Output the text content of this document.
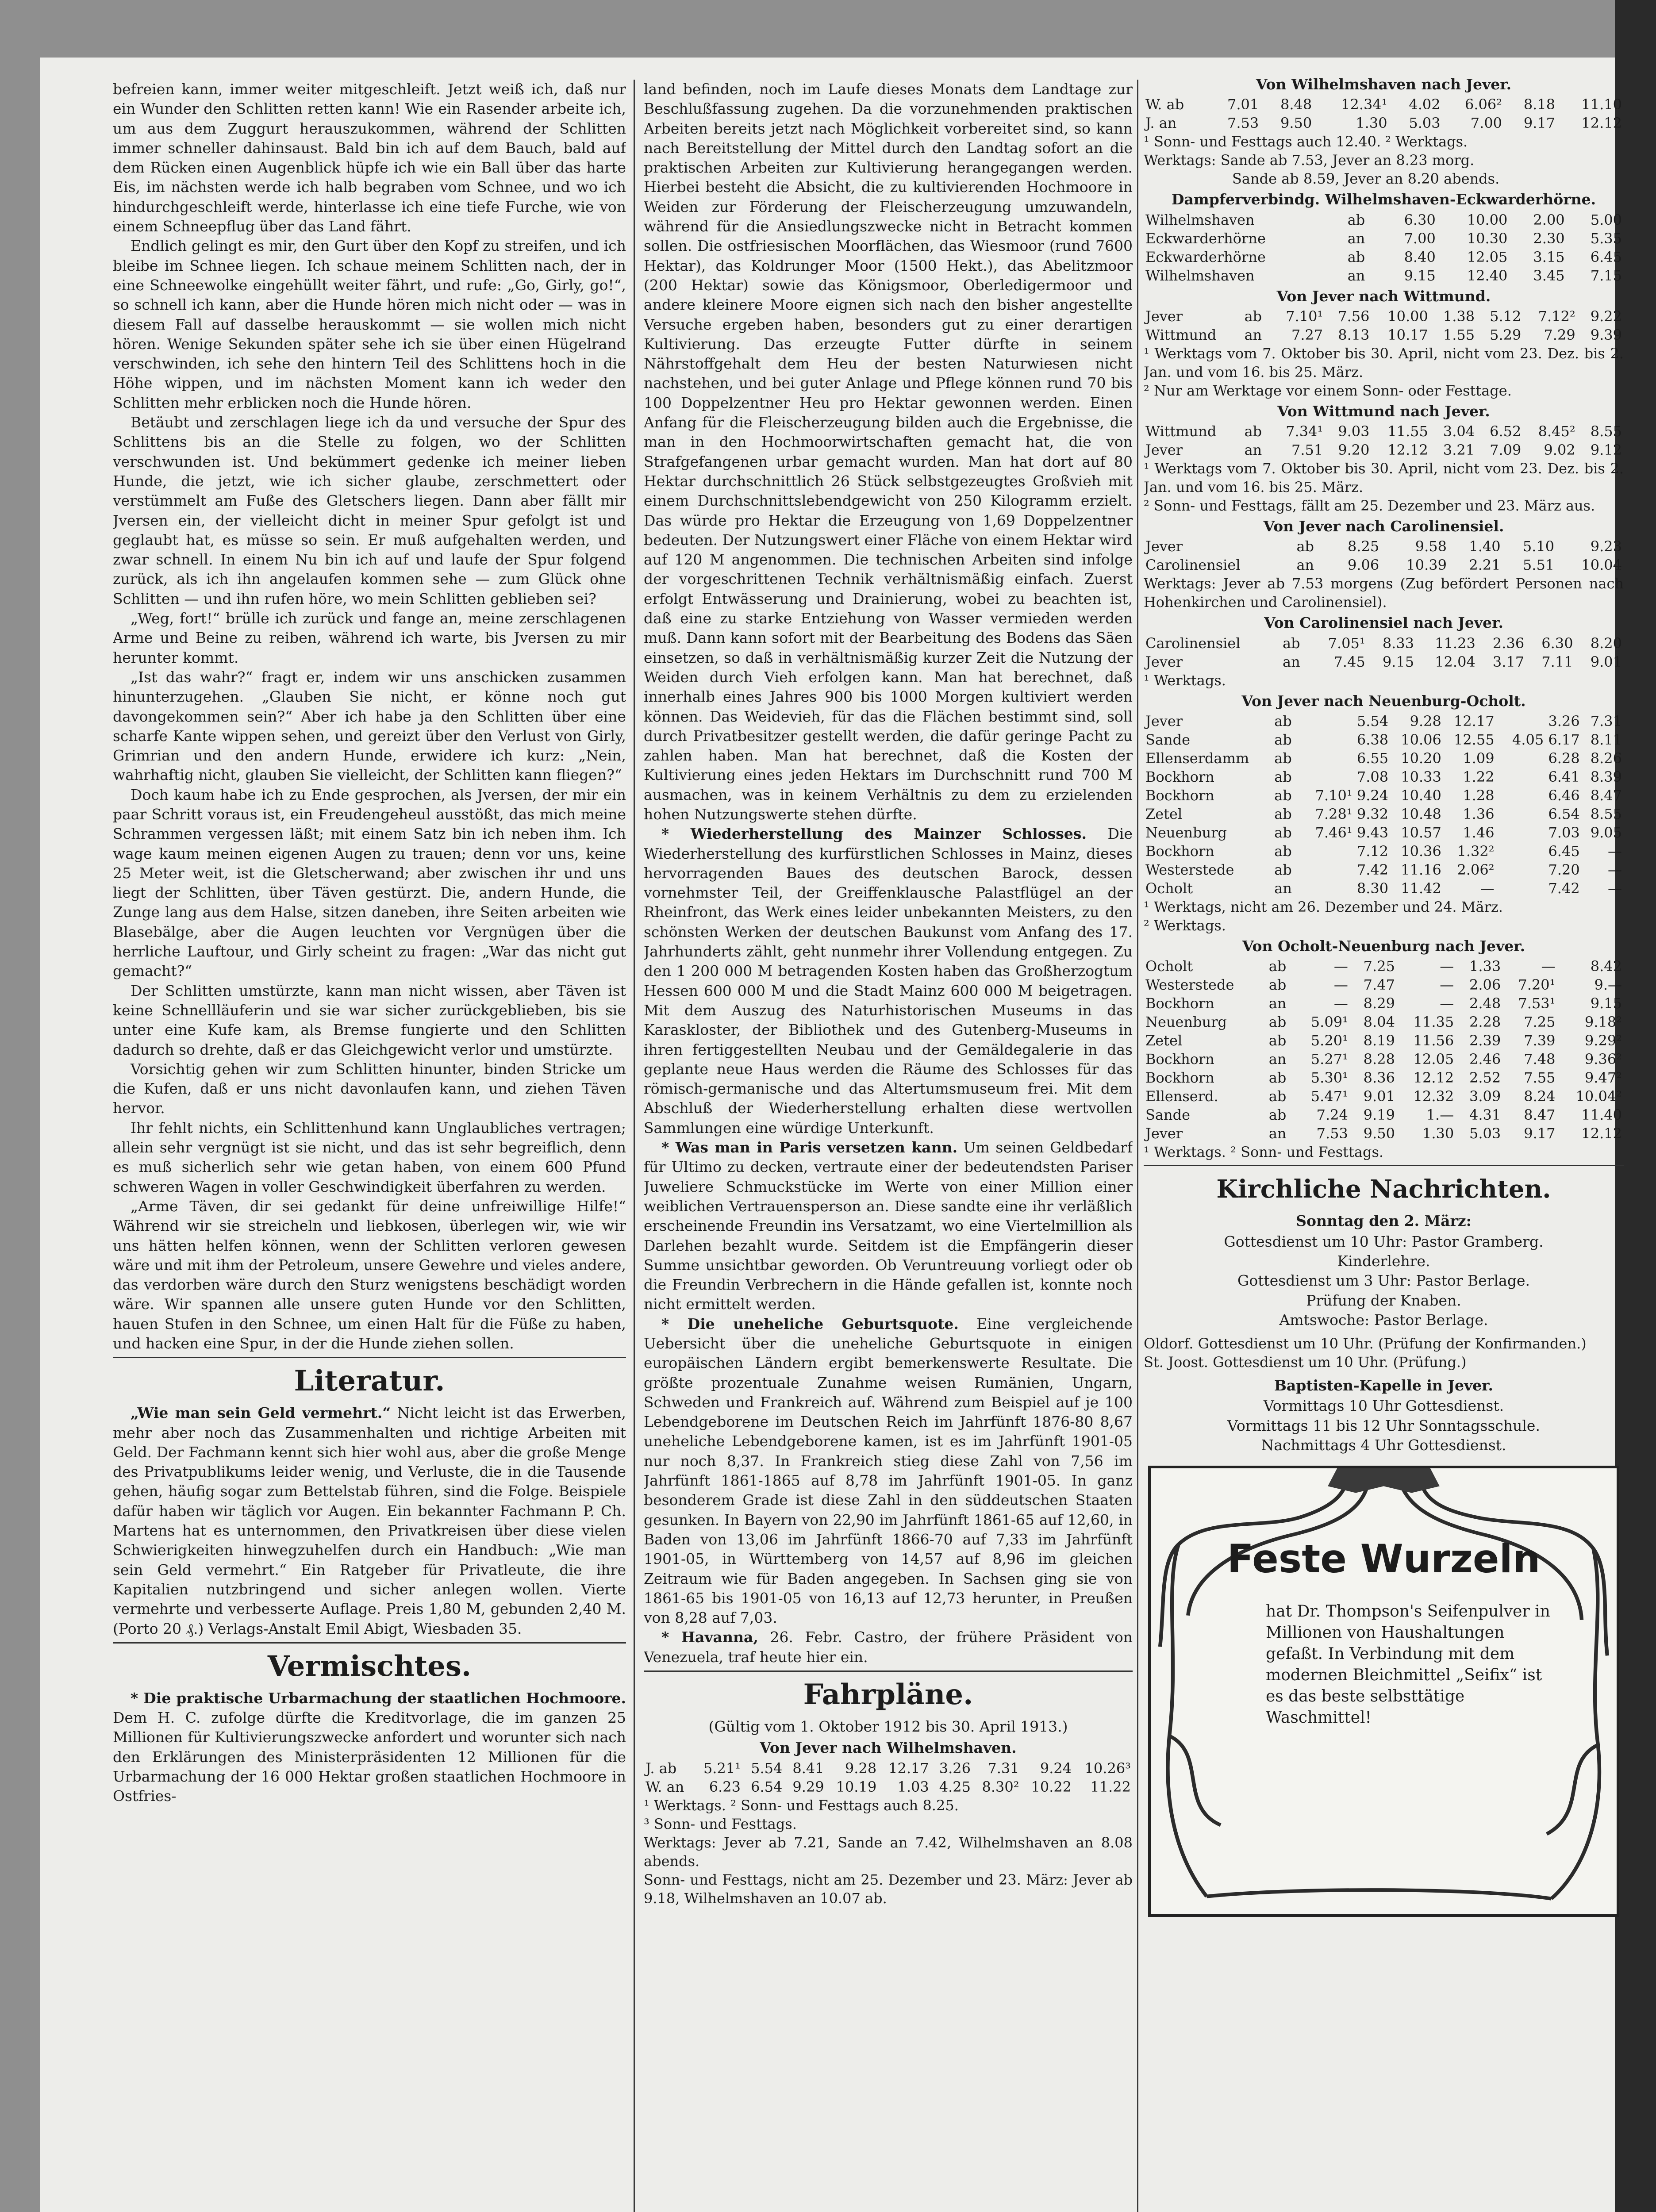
befreien kann, immer weiter mitgeschleift. Jetzt weiß ich, daß nur ein Wunder den Schlitten retten kann! Wie ein Rasender arbeite ich, um aus dem Zuggurt herauszukommen, während der Schlitten immer schneller dahinsaust. Bald bin ich auf dem Bauch, bald auf dem Rücken einen Augenblick hüpfe ich wie ein Ball über das harte Eis, im nächsten werde ich halb begraben vom Schnee, und wo ich hindurchgeschleift werde, hinterlasse ich eine tiefe Furche, wie von einem Schneepflug über das Land fährt.

Endlich gelingt es mir, den Gurt über den Kopf zu streifen, und ich bleibe im Schnee liegen. Ich schaue meinem Schlitten nach, der in eine Schneewolke eingehüllt weiter fährt, und rufe: „Go, Girly, go!“, so schnell ich kann, aber die Hunde hören mich nicht oder — was in diesem Fall auf dasselbe herauskommt — sie wollen mich nicht hören. Wenige Sekunden später sehe ich sie über einen Hügelrand verschwinden, ich sehe den hintern Teil des Schlittens hoch in die Höhe wippen, und im nächsten Moment kann ich weder den Schlitten mehr erblicken noch die Hunde hören.

Betäubt und zerschlagen liege ich da und versuche der Spur des Schlittens bis an die Stelle zu folgen, wo der Schlitten verschwunden ist. Und bekümmert gedenke ich meiner lieben Hunde, die jetzt, wie ich sicher glaube, zerschmettert oder verstümmelt am Fuße des Gletschers liegen. Dann aber fällt mir Jversen ein, der vielleicht dicht in meiner Spur gefolgt ist und geglaubt hat, es müsse so sein. Er muß aufgehalten werden, und zwar schnell. In einem Nu bin ich auf und laufe der Spur folgend zurück, als ich ihn angelaufen kommen sehe — zum Glück ohne Schlitten — und ihn rufen höre, wo mein Schlitten geblieben sei?

„Weg, fort!“ brülle ich zurück und fange an, meine zerschlagenen Arme und Beine zu reiben, während ich warte, bis Jversen zu mir herunter kommt.

„Ist das wahr?“ fragt er, indem wir uns anschicken zusammen hinunterzugehen. „Glauben Sie nicht, er könne noch gut davongekommen sein?“ Aber ich habe ja den Schlitten über eine scharfe Kante wippen sehen, und gereizt über den Verlust von Girly, Grimrian und den andern Hunde, erwidere ich kurz: „Nein, wahrhaftig nicht, glauben Sie vielleicht, der Schlitten kann fliegen?“

Doch kaum habe ich zu Ende gesprochen, als Jversen, der mir ein paar Schritt voraus ist, ein Freudengeheul ausstößt, das mich meine Schrammen vergessen läßt; mit einem Satz bin ich neben ihm. Ich wage kaum meinen eigenen Augen zu trauen; denn vor uns, keine 25 Meter weit, ist die Gletscherwand; aber zwischen ihr und uns liegt der Schlitten, über Täven gestürzt. Die, andern Hunde, die Zunge lang aus dem Halse, sitzen daneben, ihre Seiten arbeiten wie Blasebälge, aber die Augen leuchten vor Vergnügen über die herrliche Lauftour, und Girly scheint zu fragen: „War das nicht gut gemacht?“

Der Schlitten umstürzte, kann man nicht wissen, aber Täven ist keine Schnellläuferin und sie war sicher zurückgeblieben, bis sie unter eine Kufe kam, als Bremse fungierte und den Schlitten dadurch so drehte, daß er das Gleichgewicht verlor und umstürzte.

Vorsichtig gehen wir zum Schlitten hinunter, binden Stricke um die Kufen, daß er uns nicht davonlaufen kann, und ziehen Täven hervor.

Ihr fehlt nichts, ein Schlittenhund kann Unglaubliches vertragen; allein sehr vergnügt ist sie nicht, und das ist sehr begreiflich, denn es muß sicherlich sehr wie getan haben, von einem 600 Pfund schweren Wagen in voller Geschwindigkeit überfahren zu werden.

„Arme Täven, dir sei gedankt für deine unfreiwillige Hilfe!“ Während wir sie streicheln und liebkosen, überlegen wir, wie wir uns hätten helfen können, wenn der Schlitten verloren gewesen wäre und mit ihm der Petroleum, unsere Gewehre und vieles andere, das verdorben wäre durch den Sturz wenigstens beschädigt worden wäre. Wir spannen alle unsere guten Hunde vor den Schlitten, hauen Stufen in den Schnee, um einen Halt für die Füße zu haben, und hacken eine Spur, in der die Hunde ziehen sollen.

Literatur.

„Wie man sein Geld vermehrt.“ Nicht leicht ist das Erwerben, mehr aber noch das Zusammenhalten und richtige Arbeiten mit Geld. Der Fachmann kennt sich hier wohl aus, aber die große Menge des Privatpublikums leider wenig, und Verluste, die in die Tausende gehen, häufig sogar zum Bettelstab führen, sind die Folge. Beispiele dafür haben wir täglich vor Augen. Ein bekannter Fachmann P. Ch. Martens hat es unternommen, den Privatkreisen über diese vielen Schwierigkeiten hinwegzuhelfen durch ein Handbuch: „Wie man sein Geld vermehrt.“ Ein Ratgeber für Privatleute, die ihre Kapitalien nutzbringend und sicher anlegen wollen. Vierte vermehrte und verbesserte Auflage. Preis 1,80 M, gebunden 2,40 M. (Porto 20 ₰.) Verlags-Anstalt Emil Abigt, Wiesbaden 35.

Vermischtes.

* Die praktische Urbarmachung der staatlichen Hochmoore. Dem H. C. zufolge dürfte die Kreditvorlage, die im ganzen 25 Millionen für Kultivierungszwecke anfordert und worunter sich nach den Erklärungen des Ministerpräsidenten 12 Millionen für die Urbarmachung der 16 000 Hektar großen staatlichen Hochmoore in Ostfries-

land befinden, noch im Laufe dieses Monats dem Landtage zur Beschlußfassung zugehen. Da die vorzunehmenden praktischen Arbeiten bereits jetzt nach Möglichkeit vorbereitet sind, so kann nach Bereitstellung der Mittel durch den Landtag sofort an die praktischen Arbeiten zur Kultivierung herangegangen werden. Hierbei besteht die Absicht, die zu kultivierenden Hochmoore in Weiden zur Förderung der Fleischerzeugung umzuwandeln, während für die Ansiedlungszwecke nicht in Betracht kommen sollen. Die ostfriesischen Moorflächen, das Wiesmoor (rund 7600 Hektar), das Koldrunger Moor (1500 Hekt.), das Abelitzmoor (200 Hektar) sowie das Königsmoor, Oberledigermoor und andere kleinere Moore eignen sich nach den bisher angestellte Versuche ergeben haben, besonders gut zu einer derartigen Kultivierung. Das erzeugte Futter dürfte in seinem Nährstoffgehalt dem Heu der besten Naturwiesen nicht nachstehen, und bei guter Anlage und Pflege können rund 70 bis 100 Doppelzentner Heu pro Hektar gewonnen werden. Einen Anfang für die Fleischerzeugung bilden auch die Ergebnisse, die man in den Hochmoorwirtschaften gemacht hat, die von Strafgefangenen urbar gemacht wurden. Man hat dort auf 80 Hektar durchschnittlich 26 Stück selbstgezeugtes Großvieh mit einem Durchschnittslebendgewicht von 250 Kilogramm erzielt. Das würde pro Hektar die Erzeugung von 1,69 Doppelzentner bedeuten. Der Nutzungswert einer Fläche von einem Hektar wird auf 120 M angenommen. Die technischen Arbeiten sind infolge der vorgeschrittenen Technik verhältnismäßig einfach. Zuerst erfolgt Entwässerung und Drainierung, wobei zu beachten ist, daß eine zu starke Entziehung von Wasser vermieden werden muß. Dann kann sofort mit der Bearbeitung des Bodens das Säen einsetzen, so daß in verhältnismäßig kurzer Zeit die Nutzung der Weiden durch Vieh erfolgen kann. Man hat berechnet, daß innerhalb eines Jahres 900 bis 1000 Morgen kultiviert werden können. Das Weidevieh, für das die Flächen bestimmt sind, soll durch Privatbesitzer gestellt werden, die dafür geringe Pacht zu zahlen haben. Man hat berechnet, daß die Kosten der Kultivierung eines jeden Hektars im Durchschnitt rund 700 M ausmachen, was in keinem Verhältnis zu dem zu erzielenden hohen Nutzungswerte stehen dürfte.

* Wiederherstellung des Mainzer Schlosses. Die Wiederherstellung des kurfürstlichen Schlosses in Mainz, dieses hervorragenden Baues des deutschen Barock, dessen vornehmster Teil, der Greiffenklausche Palastflügel an der Rheinfront, das Werk eines leider unbekannten Meisters, zu den schönsten Werken der deutschen Baukunst vom Anfang des 17. Jahrhunderts zählt, geht nunmehr ihrer Vollendung entgegen. Zu den 1 200 000 M betragenden Kosten haben das Großherzogtum Hessen 600 000 M und die Stadt Mainz 600 000 M beigetragen. Mit dem Auszug des Naturhistorischen Museums in das Karaskloster, der Bibliothek und des Gutenberg-Museums in ihren fertiggestellten Neubau und der Gemäldegalerie in das geplante neue Haus werden die Räume des Schlosses für das römisch-germanische und das Altertumsmuseum frei. Mit dem Abschluß der Wiederherstellung erhalten diese wertvollen Sammlungen eine würdige Unterkunft.

* Was man in Paris versetzen kann. Um seinen Geldbedarf für Ultimo zu decken, vertraute einer der bedeutendsten Pariser Juweliere Schmuckstücke im Werte von einer Million einer weiblichen Vertrauensperson an. Diese sandte eine ihr verläßlich erscheinende Freundin ins Versatzamt, wo eine Viertelmillion als Darlehen bezahlt wurde. Seitdem ist die Empfängerin dieser Summe unsichtbar geworden. Ob Veruntreuung vorliegt oder ob die Freundin Verbrechern in die Hände gefallen ist, konnte noch nicht ermittelt werden.

* Die uneheliche Geburtsquote. Eine vergleichende Uebersicht über die uneheliche Geburtsquote in einigen europäischen Ländern ergibt bemerkenswerte Resultate. Die größte prozentuale Zunahme weisen Rumänien, Ungarn, Schweden und Frankreich auf. Während zum Beispiel auf je 100 Lebendgeborene im Deutschen Reich im Jahrfünft 1876-80 8,67 uneheliche Lebendgeborene kamen, ist es im Jahrfünft 1901-05 nur noch 8,37. In Frankreich stieg diese Zahl von 7,56 im Jahrfünft 1861-1865 auf 8,78 im Jahrfünft 1901-05. In ganz besonderem Grade ist diese Zahl in den süddeutschen Staaten gesunken. In Bayern von 22,90 im Jahrfünft 1861-65 auf 12,60, in Baden von 13,06 im Jahrfünft 1866-70 auf 7,33 im Jahrfünft 1901-05, in Württemberg von 14,57 auf 8,96 im gleichen Zeitraum wie für Baden angegeben. In Sachsen ging sie von 1861-65 bis 1901-05 von 16,13 auf 12,73 herunter, in Preußen von 8,28 auf 7,03.

* Havanna, 26. Febr. Castro, der frühere Präsident von Venezuela, traf heute hier ein.

Fahrpläne.
(Gültig vom 1. Oktober 1912 bis 30. April 1913.)
Von Jever nach Wilhelmshaven.
J. ab	5.21¹	5.54	8.41	9.28	12.17	3.26	7.31	9.24	10.26³
W. an	6.23	6.54	9.29	10.19	1.03	4.25	8.30²	10.22	11.22

¹ Werktags. ² Sonn- und Festtags auch 8.25.

³ Sonn- und Festtags.

Werktags: Jever ab 7.21, Sande an 7.42, Wilhelmshaven an 8.08 abends.

Sonn- und Festtags, nicht am 25. Dezember und 23. März: Jever ab 9.18, Wilhelmshaven an 10.07 ab.

Von Wilhelmshaven nach Jever.
W. ab	7.01	8.48	12.34¹	4.02	6.06²	8.18	11.10
J. an	7.53	9.50	1.30	5.03	7.00	9.17	12.12

¹ Sonn- und Festtags auch 12.40. ² Werktags.

Werktags: Sande ab 7.53, Jever an 8.23 morg.

Sande ab 8.59, Jever an 8.20 abends.

Dampferverbindg. Wilhelmshaven-Eckwarderhörne.
Wilhelmshaven	ab	6.30	10.00	2.00	5.00
Eckwarderhörne	an	7.00	10.30	2.30	5.35
Eckwarderhörne	ab	8.40	12.05	3.15	6.45
Wilhelmshaven	an	9.15	12.40	3.45	7.15
Von Jever nach Wittmund.
Jever	ab	7.10¹	7.56	10.00	1.38	5.12	7.12²	9.22
Wittmund	an	7.27	8.13	10.17	1.55	5.29	7.29	9.39

¹ Werktags vom 7. Oktober bis 30. April, nicht vom 23. Dez. bis 2. Jan. und vom 16. bis 25. März.

² Nur am Werktage vor einem Sonn- oder Festtage.

Von Wittmund nach Jever.
Wittmund	ab	7.34¹	9.03	11.55	3.04	6.52	8.45²	8.55
Jever	an	7.51	9.20	12.12	3.21	7.09	9.02	9.12

¹ Werktags vom 7. Oktober bis 30. April, nicht vom 23. Dez. bis 2. Jan. und vom 16. bis 25. März.

² Sonn- und Festtags, fällt am 25. Dezember und 23. März aus.

Von Jever nach Carolinensiel.
Jever	ab	8.25	9.58	1.40	5.10	9.23
Carolinensiel	an	9.06	10.39	2.21	5.51	10.04

Werktags: Jever ab 7.53 morgens (Zug befördert Personen nach Hohenkirchen und Carolinensiel).

Von Carolinensiel nach Jever.
Carolinensiel	ab	7.05¹	8.33	11.23	2.36	6.30	8.20
Jever	an	7.45	9.15	12.04	3.17	7.11	9.01

¹ Werktags.

Von Jever nach Neuenburg-Ocholt.
Jever	ab	5.54	9.28	12.17	3.26	7.31
Sande	ab	6.38	10.06	12.55	4.05 6.17	8.11
Ellenserdamm	ab	6.55	10.20	1.09	6.28	8.26
Bockhorn	ab	7.08	10.33	1.22	6.41	8.39
Bockhorn	ab	7.10¹ 9.24	10.40	1.28	6.46	8.47
Zetel	ab	7.28¹ 9.32	10.48	1.36	6.54	8.55
Neuenburg	ab	7.46¹ 9.43	10.57	1.46	7.03	9.05
Bockhorn	ab	7.12	10.36	1.32²	6.45	—
Westerstede	ab	7.42	11.16	2.06²	7.20	—
Ocholt	an	8.30	11.42	—	7.42	—

¹ Werktags, nicht am 26. Dezember und 24. März.

² Werktags.

Von Ocholt-Neuenburg nach Jever.
Ocholt	ab	—	7.25	—	1.33	—	8.42
Westerstede	ab	—	7.47	—	2.06	7.20¹	9.—
Bockhorn	an	—	8.29	—	2.48	7.53¹	9.15
Neuenburg	ab	5.09¹	8.04	11.35	2.28	7.25	9.18²
Zetel	ab	5.20¹	8.19	11.56	2.39	7.39	9.29²
Bockhorn	an	5.27¹	8.28	12.05	2.46	7.48	9.36²
Bockhorn	ab	5.30¹	8.36	12.12	2.52	7.55	9.47²
Ellenserd.	ab	5.47¹	9.01	12.32	3.09	8.24	10.04²
Sande	ab	7.24	9.19	1.—	4.31	8.47	11.40
Jever	an	7.53	9.50	1.30	5.03	9.17	12.12

¹ Werktags. ² Sonn- und Festtags.

Kirchliche Nachrichten.
Sonntag den 2. März:
Gottesdienst um 10 Uhr: Pastor Gramberg.
Kinderlehre.
Gottesdienst um 3 Uhr: Pastor Berlage.
Prüfung der Knaben.
Amtswoche: Pastor Berlage.

Oldorf. Gottesdienst um 10 Uhr. (Prüfung der Konfirmanden.)

St. Joost. Gottesdienst um 10 Uhr. (Prüfung.)

Baptisten-Kapelle in Jever.
Vormittags 10 Uhr Gottesdienst.
Vormittags 11 bis 12 Uhr Sonntagsschule.
Nachmittags 4 Uhr Gottesdienst.
Feste Wurzeln
hat Dr. Thompson's Seifenpulver in Millionen von Haushaltungen gefaßt. In Verbindung mit dem modernen Bleichmittel „Seifix“ ist es das beste selbsttätige Waschmittel!
